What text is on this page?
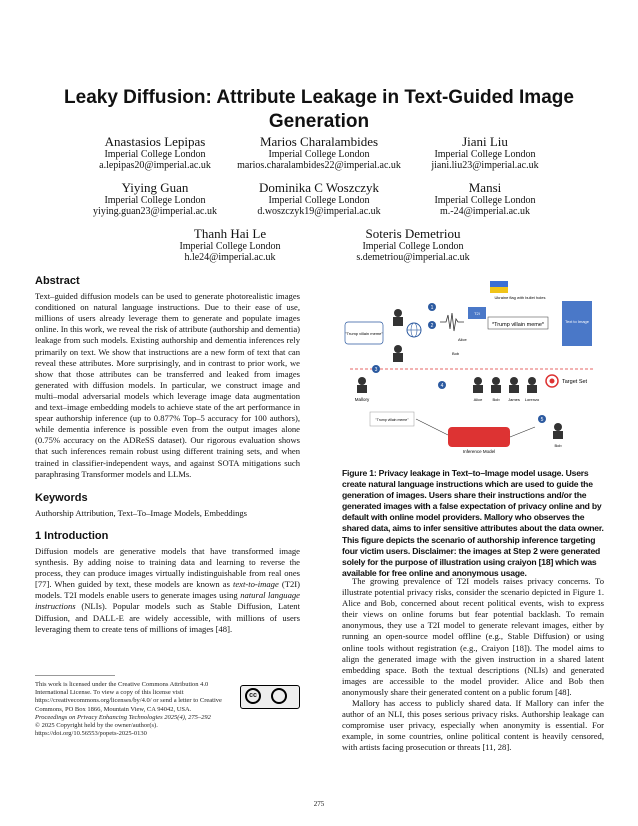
Leaky Diffusion: Attribute Leakage in Text-Guided Image Generation
Anastasios Lepipas
Imperial College London
a.lepipas20@imperial.ac.uk
Marios Charalambides
Imperial College London
marios.charalambides22@imperial.ac.uk
Jiani Liu
Imperial College London
jiani.liu23@imperial.ac.uk
Yiying Guan
Imperial College London
yiying.guan23@imperial.ac.uk
Dominika C Woszczyk
Imperial College London
d.woszczyk19@imperial.ac.uk
Mansi
Imperial College London
m.-24@imperial.ac.uk
Thanh Hai Le
Imperial College London
h.le24@imperial.ac.uk
Soteris Demetriou
Imperial College London
s.demetriou@imperial.ac.uk
Abstract

Text–guided diffusion models can be used to generate photorealistic images conditioned on natural language instructions. Due to their ease of use, millions of users already leverage them to generate and populate images online. In this work, we reveal the risk of attribute (authorship and dementia) leakage from such models. Existing authorship and dementia inferences rely primarily on text. We show that instructions are a new form of text that can reveal these attributes. More surprisingly, and in contrast to prior work, we show that those attributes can be transferred and leaked from images generated with diffusion models. In particular, we construct image and multi–modal adversarial models which leverage image data augmentation and text–image embedding models to achieve state of the art performance in spear authorship inference (up to 0.877% Top–5 accuracy for 100 authors), while dementia inference is possible even from the output images alone (0.75% accuracy on the ADReSS dataset). Our rigorous evaluation shows that such inferences remain robust using different training sets, and when trained in classifier-independent ways, and against SOTA mitigations such paraphrasing Transformer models and LLMs.

Keywords

Authorship Attribution, Text–To–Image Models, Embeddings

1 Introduction

Diffusion models are generative models that have transformed image synthesis. By adding noise to training data and learning to reverse the process, they can produce images virtually indistinguishable from real ones [77]. When guided by text, these models are known as text-to-image (T2I) models. T2I models enable users to generate images using natural language instructions (NLIs). Popular models such as Stable Diffusion, Latent Diffusion, and DALL-E are widely accessible, with millions of users leveraging them to create tens of millions of images [48].

This work is licensed under the Creative Commons Attribution 4.0 International License. To view a copy of this license visit https://creativecommons.org/licenses/by/4.0/ or send a letter to Creative Commons, PO Box 1866, Mountain View, CA 94042, USA.
Proceedings on Privacy Enhancing Technologies 2025(4), 275–292
© 2025 Copyright held by the owner/author(s).
https://doi.org/10.56553/popets-2025-0130
cc
"Trump villain meme"
1
2
T2I
Ukraine flag with bullet holes
Text to Image
*Trump villain meme*
Alice
Bob
3
Mallory
4
Alice	Bob James Lorenzo
Target Set
"Trump villain meme"
Inference Model
5
Bob
Figure 1: Privacy leakage in Text–to–Image model usage. Users create natural language instructions which are used to guide the generation of images. Users share their instructions and/or the generated images with a false expectation of privacy online and by default with online model providers. Mallory who observes the shared data, aims to infer sensitive attributes about the data owner. This figure depicts the scenario of authorship inference targeting four victim users. Disclaimer: the images at Step 2 were generated solely for the purpose of illustration using craiyon [18] which was available for free online and anonymous usage.

The growing prevalence of T2I models raises privacy concerns. To illustrate potential privacy risks, consider the scenario depicted in Figure 1. Alice and Bob, concerned about recent political events, wish to express their views on online forums but fear potential backlash. To remain anonymous, they use a T2I model to generate relevant images, either by running an open-source model offline (e.g., Stable Diffusion) or using online tools without registration (e.g., Craiyon [18]). The model aims to align the generated image with the given instruction in a shared latent embedding space. Both the textual descriptions (NLIs) and generated images are accessible to the model provider. Alice and Bob then anonymously share their generated content on a public forum [48].

Mallory has access to publicly shared data. If Mallory can infer the author of an NLI, this poses serious privacy risks. Authorship leakage can compromise user privacy, especially when anonymity is essential. For example, in some countries, online political content is heavily censored, with artists facing prosecution or threats [11, 28].

275
